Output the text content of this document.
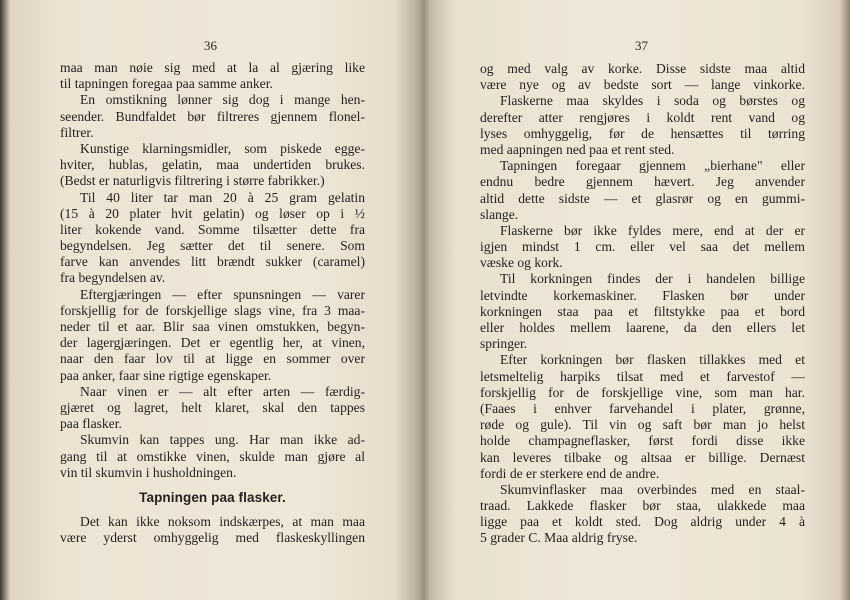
36
maa man nøie sig med at la al gjæring like
til tapningen foregaa paa samme anker.
En omstikning lønner sig dog i mange hen-
seender. Bundfaldet bør filtreres gjennem flonel-
filtrer.
Kunstige klarningsmidler, som piskede egge-
hviter, hublas, gelatin, maa undertiden brukes.
(Bedst er naturligvis filtrering i større fabrikker.)
Til 40 liter tar man 20 à 25 gram gelatin
(15 à 20 plater hvit gelatin) og løser op i ½
liter kokende vand. Somme tilsætter dette fra
begyndelsen. Jeg sætter det til senere. Som
farve kan anvendes litt brændt sukker (caramel)
fra begyndelsen av.
Eftergjæringen — efter spunsningen — varer
forskjellig for de forskjellige slags vine, fra 3 maa-
neder til et aar. Blir saa vinen omstukken, begyn-
der lagergjæringen. Det er egentlig her, at vinen,
naar den faar lov til at ligge en sommer over
paa anker, faar sine rigtige egenskaper.
Naar vinen er — alt efter arten — færdig-
gjæret og lagret, helt klaret, skal den tappes
paa flasker.
Skumvin kan tappes ung. Har man ikke ad-
gang til at omstikke vinen, skulde man gjøre al
vin til skumvin i husholdningen.
Tapningen paa flasker.
Det kan ikke noksom indskærpes, at man maa
være yderst omhyggelig med flaskeskyllingen
37
og med valg av korke. Disse sidste maa altid
være nye og av bedste sort — lange vinkorke.
Flaskerne maa skyldes i soda og børstes og
derefter atter rengjøres i koldt rent vand og
lyses omhyggelig, før de hensættes til tørring
med aapningen ned paa et rent sted.
Tapningen foregaar gjennem „bierhane" eller
endnu bedre gjennem hævert. Jeg anvender
altid dette sidste — et glasrør og en gummi-
slange.
Flaskerne bør ikke fyldes mere, end at der er
igjen mindst 1 cm. eller vel saa det mellem
væske og kork.
Til korkningen findes der i handelen billige
letvindte korkemaskiner. Flasken bør under
korkningen staa paa et filtstykke paa et bord
eller holdes mellem laarene, da den ellers let
springer.
Efter korkningen bør flasken tillakkes med et
letsmeltelig harpiks tilsat med et farvestof —
forskjellig for de forskjellige vine, som man har.
(Faaes i enhver farvehandel i plater, grønne,
røde og gule). Til vin og saft bør man jo helst
holde champagneflasker, først fordi disse ikke
kan leveres tilbake og altsaa er billige. Dernæst
fordi de er sterkere end de andre.
Skumvinflasker maa overbindes med en staal-
traad. Lakkede flasker bør staa, ulakkede maa
ligge paa et koldt sted. Dog aldrig under 4 à
5 grader C. Maa aldrig fryse.
